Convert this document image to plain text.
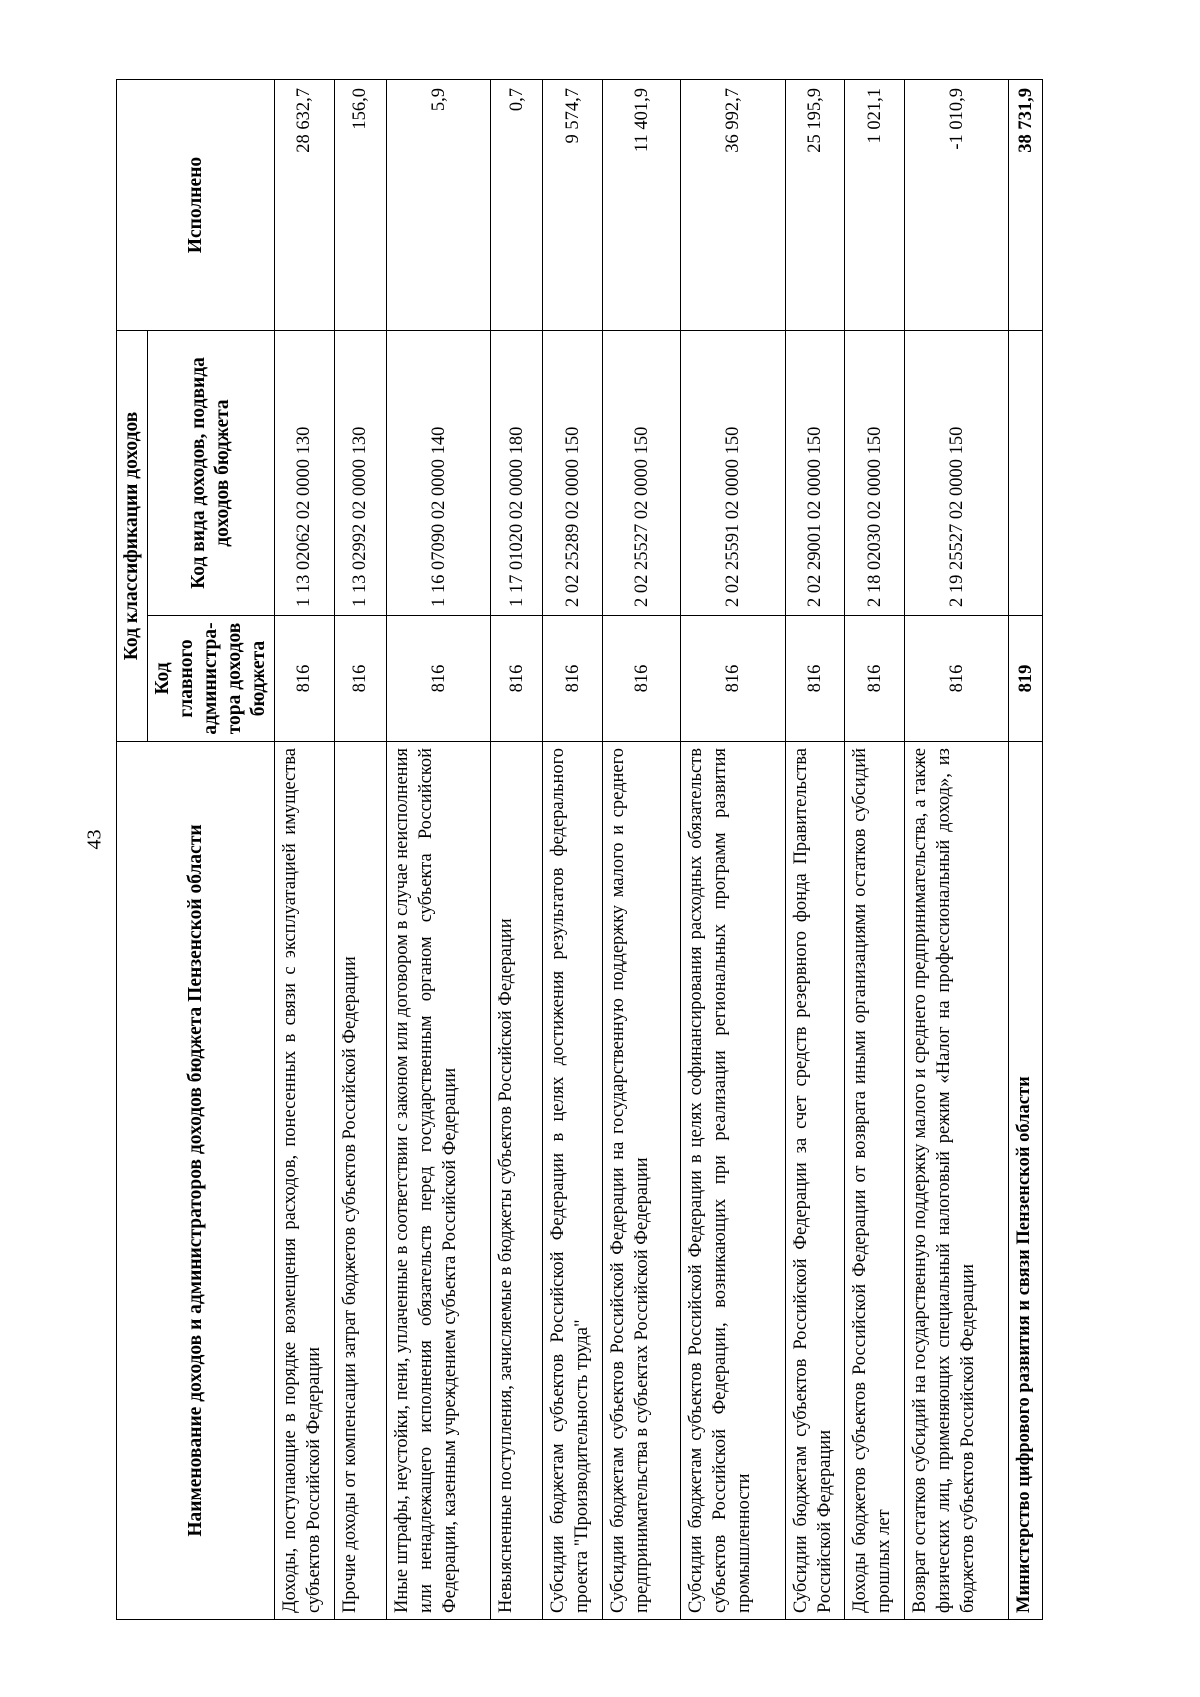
43	Наименование доходов и администраторов доходов бюджета Пензенской области	Код классификации доходов		Исполнено
	Код главного администра-тора доходов бюджета	Код вида доходов, подвида доходов бюджета	
Доходы, поступающие в порядке возмещения расходов, понесенных в связи с эксплуатацией имущества субъектов Российской Федерации	816	1 13 02062 02 0000 130	28 632,7
Прочие доходы от компенсации затрат бюджетов субъектов Российской Федерации	816	1 13 02992 02 0000 130	156,0
Иные штрафы, неустойки, пени, уплаченные в соответствии с законом или договором в случае неисполнения или ненадлежащего исполнения обязательств перед государственным органом субъекта Российской Федерации, казенным учреждением субъекта Российской Федерации	816	1 16 07090 02 0000 140	5,9
Невыясненные поступления, зачисляемые в бюджеты субъектов Российской Федерации	816	1 17 01020 02 0000 180	0,7
Субсидии бюджетам субъектов Российской Федерации в целях достижения результатов федерального проекта "Производительность труда"	816	2 02 25289 02 0000 150	9 574,7
Субсидии бюджетам субъектов Российской Федерации на государственную поддержку малого и среднего предпринимательства в субъектах Российской Федерации	816	2 02 25527 02 0000 150	11 401,9
Субсидии бюджетам субъектов Российской Федерации в целях софинансирования расходных обязательств субъектов Российской Федерации, возникающих при реализации региональных программ развития промышленности	816	2 02 25591 02 0000 150	36 992,7
Субсидии бюджетам субъектов Российской Федерации за счет средств резервного фонда Правительства Российской Федерации	816	2 02 29001 02 0000 150	25 195,9
Доходы бюджетов субъектов Российской Федерации от возврата иными организациями остатков субсидий прошлых лет	816	2 18 02030 02 0000 150	1 021,1
Возврат остатков субсидий на государственную поддержку малого и среднего предпринимательства, а также физических лиц, применяющих специальный налоговый режим «Налог на профессиональный доход», из бюджетов субъектов Российской Федерации	816	2 19 25527 02 0000 150	-1 010,9
Министерство цифрового развития и связи Пензенской области	819		38 731,9
